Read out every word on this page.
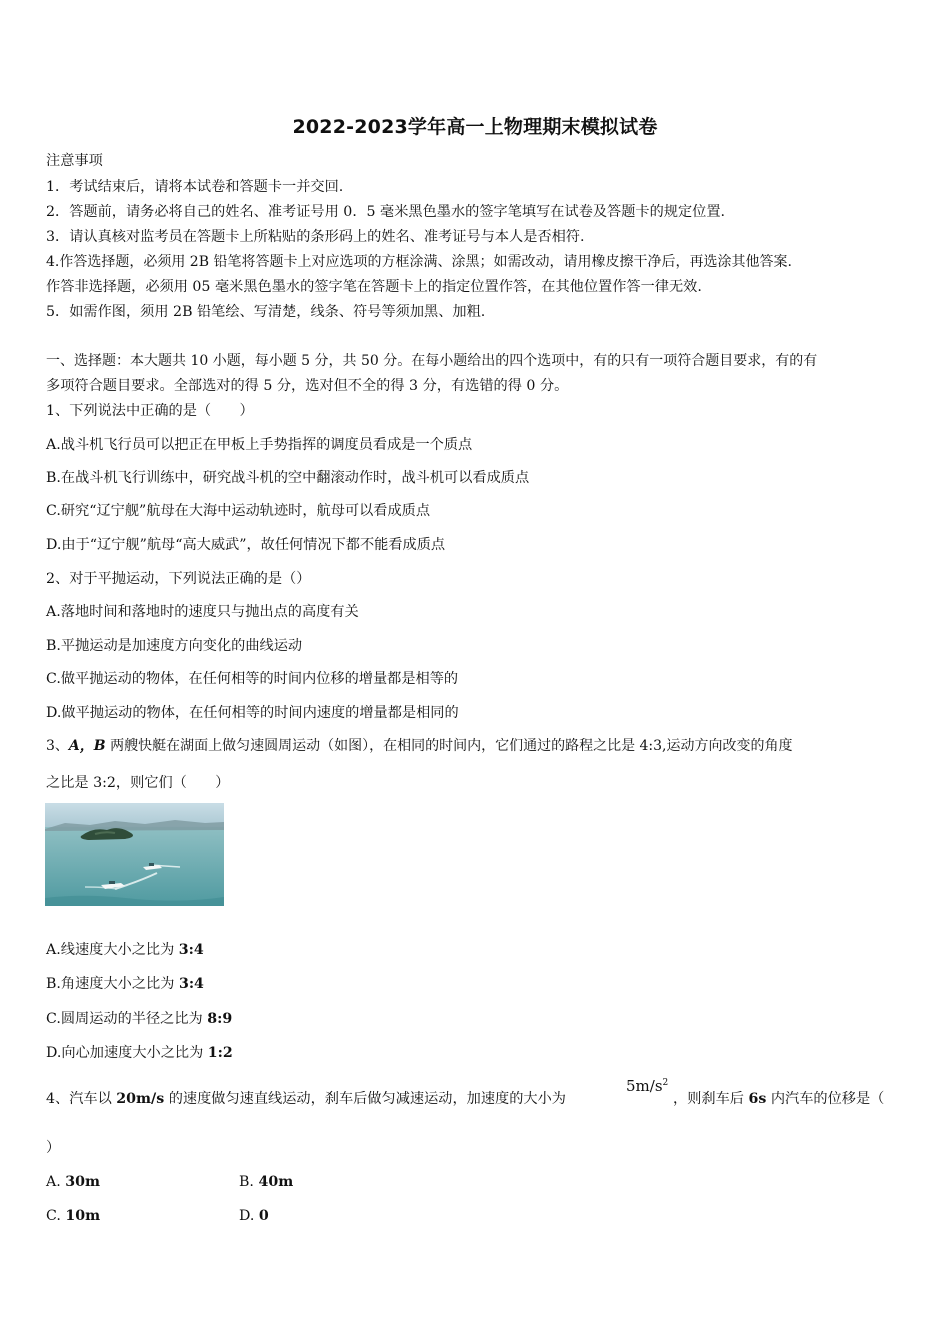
2022-2023学年高一上物理期末模拟试卷
注意事项
1．考试结束后，请将本试卷和答题卡一并交回.
2．答题前，请务必将自己的姓名、准考证号用 0．5 毫米黑色墨水的签字笔填写在试卷及答题卡的规定位置.
3．请认真核对监考员在答题卡上所粘贴的条形码上的姓名、准考证号与本人是否相符.
4.作答选择题，必须用 2B 铅笔将答题卡上对应选项的方框涂满、涂黑；如需改动，请用橡皮擦干净后，再选涂其他答案.
作答非选择题，必须用 05 毫米黑色墨水的签字笔在答题卡上的指定位置作答，在其他位置作答一律无效.
5．如需作图，须用 2B 铅笔绘、写清楚，线条、符号等须加黑、加粗.
一、选择题：本大题共 10 小题，每小题 5 分，共 50 分。在每小题给出的四个选项中，有的只有一项符合题目要求，有的有
多项符合题目要求。全部选对的得 5 分，选对但不全的得 3 分，有选错的得 0 分。
1、下列说法中正确的是（　　）
A.战斗机飞行员可以把正在甲板上手势指挥的调度员看成是一个质点
B.在战斗机飞行训练中，研究战斗机的空中翻滚动作时，战斗机可以看成质点
C.研究“辽宁舰”航母在大海中运动轨迹时，航母可以看成质点
D.由于“辽宁舰”航母“高大威武”，故任何情况下都不能看成质点
2、对于平抛运动，下列说法正确的是（）
A.落地时间和落地时的速度只与抛出点的高度有关
B.平抛运动是加速度方向变化的曲线运动
C.做平抛运动的物体，在任何相等的时间内位移的增量都是相等的
D.做平抛运动的物体，在任何相等的时间内速度的增量都是相同的
3、A，B 两艘快艇在湖面上做匀速圆周运动（如图），在相同的时间内，它们通过的路程之比是 4:3,运动方向改变的角度
之比是 3:2，则它们（　　）
A.线速度大小之比为 3:4
B.角速度大小之比为 3:4
C.圆周运动的半径之比为 8:9
D.向心加速度大小之比为 1:2
4、汽车以 20m/s 的速度做匀速直线运动，刹车后做匀减速运动，加速度的大小为
$5m/s^2$
，则刹车后 6s 内汽车的位移是（
）
A. 30m	B. 40m
C. 10m	D. 0
